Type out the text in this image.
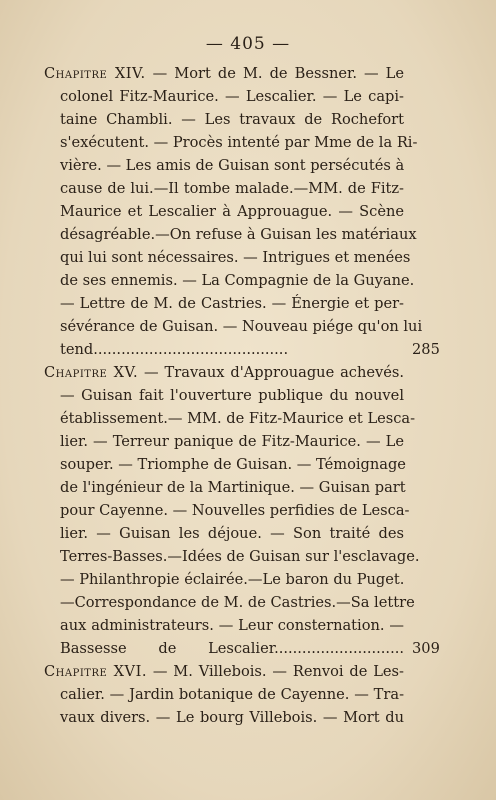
— 405 —
Chapitre XIV. — Mort de M. de Bessner. — Le
colonel Fitz-Maurice. — Lescalier. — Le capi-
taine Chambli. — Les travaux de Rochefort
s'exécutent. — Procès intenté par Mme de la Ri-
vière. — Les amis de Guisan sont persécutés à
cause de lui.—Il tombe malade.—MM. de Fitz-
Maurice et Lescalier à Approuague. — Scène
désagréable.—On refuse à Guisan les matériaux
qui lui sont nécessaires. — Intrigues et menées
de ses ennemis. — La Compagnie de la Guyane.
— Lettre de M. de Castries. — Énergie et per-
sévérance de Guisan. — Nouveau piége qu'on lui
tend..........................................	285
Chapitre XV. — Travaux d'Approuague achevés.
— Guisan fait l'ouverture publique du nouvel
établissement.— MM. de Fitz-Maurice et Lesca-
lier. — Terreur panique de Fitz-Maurice. — Le
souper. — Triomphe de Guisan. — Témoignage
de l'ingénieur de la Martinique. — Guisan part
pour Cayenne. — Nouvelles perfidies de Lesca-
lier. — Guisan les déjoue. — Son traité des
Terres-Basses.—Idées de Guisan sur l'esclavage.
— Philanthropie éclairée.—Le baron du Puget.
—Correspondance de M. de Castries.—Sa lettre
aux administrateurs. — Leur consternation. —
Bassesse de Lescalier............................ 309
Chapitre XVI. — M. Villebois. — Renvoi de Les-
calier. — Jardin botanique de Cayenne. — Tra-
vaux divers. — Le bourg Villebois. — Mort du
